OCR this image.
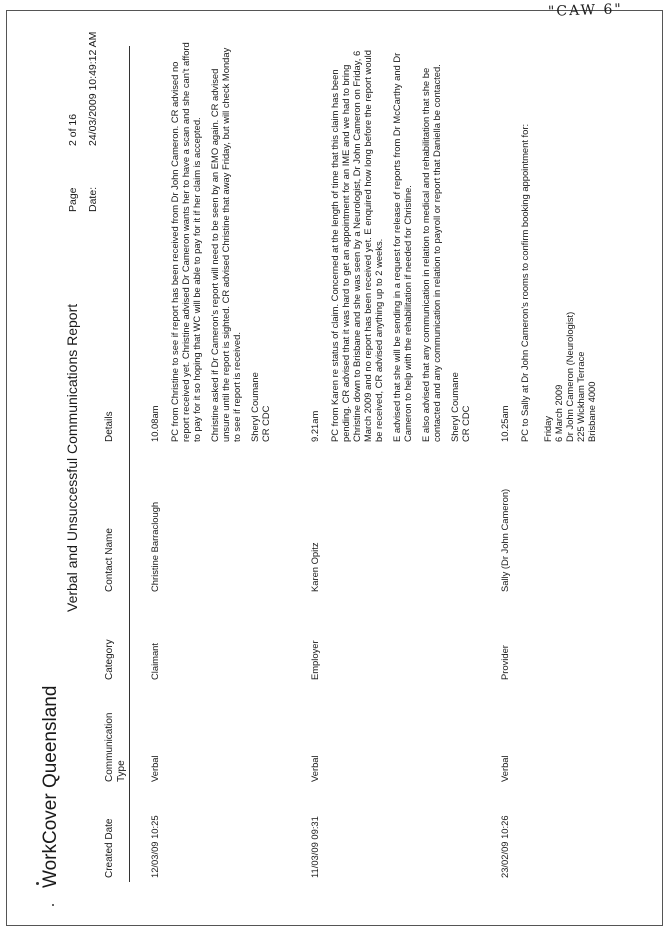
"CAW 6"
WorkCover Queensland
Verbal and Unsuccessful Communications Report
Page
2 of 16
Date:
24/03/2009 10:49:12 AM
Created Date
Communication Type
Category
Contact Name
Details
12/03/09 10:25
Verbal
Claimant
Christine Barraclough

10.08am PC from Christine to see if report has been received from Dr John Cameron. CR advised no report received yet. Christine advised Dr Cameron wants her to have a scan and she can't afford to pay for it so hoping that WC will be able to pay for it if her claim is accepted. Christine asked if Dr Cameron's report will need to be seen by an EMO again. CR advised unsure until the report is sighted. CR advised Christine that away Friday, but will check Monday to see if report is received. Sheryl Coumane
CR CDC

11/03/09 09:31
Verbal
Employer
Karen Opitz

9.21am PC from Karen re status of claim. Concerned at the length of time that this claim has been pending. CR advised that it was hard to get an appointment for an IME and we had to bring Christine down to Brisbane and she was seen by a Neurologist, Dr John Cameron on Friday, 6 March 2009 and no report has been received yet. E enquired how long before the report would be received, CR advised anything up to 2 weeks. E advised that she will be sending in a request for release of reports from Dr McCarthy and Dr Cameron to help with the rehabilitation if needed for Christine. E also advised that any communication in relation to medical and rehabilitation that she be contacted and any communication in relation to payroll or report that Daniella be contacted. Sheryl Coumane
CR CDC

23/02/09 10:26
Verbal
Provider
Sally (Dr John Cameron)

10.25am PC to Sally at Dr John Cameron's rooms to confirm booking appointment for: Friday
6 March 2009
Dr John Cameron (Neurologist)
225 Wickham Terrace
Brisbane 4000
